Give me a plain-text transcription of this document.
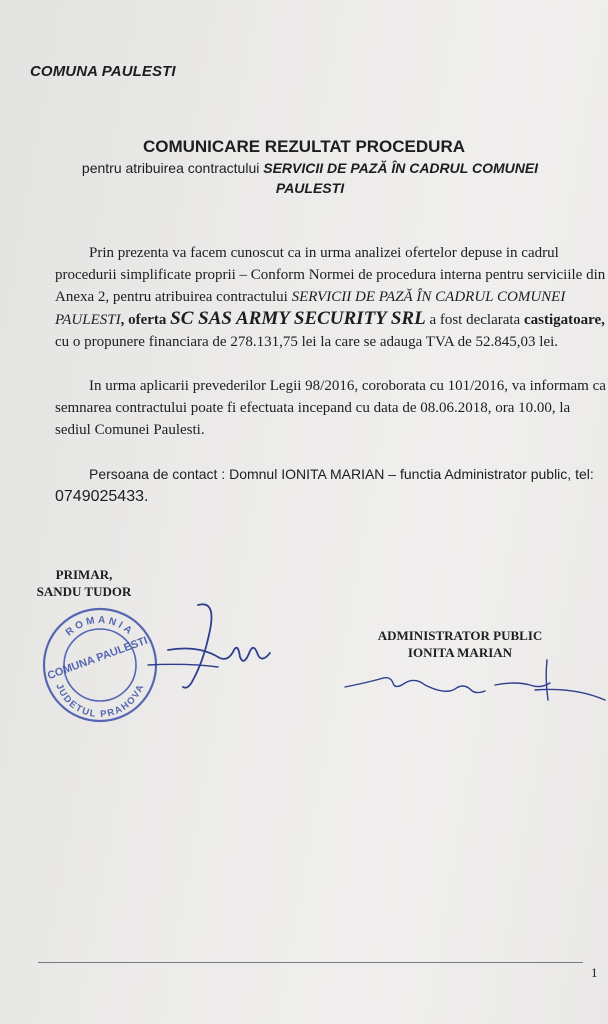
COMUNA PAULESTI
COMUNICARE REZULTAT PROCEDURA
pentru atribuirea contractului SERVICII DE PAZĂ ÎN CADRUL COMUNEI PAULESTI

Prin prezenta va facem cunoscut ca in urma analizei ofertelor depuse in cadrul procedurii simplificate proprii – Conform Normei de procedura interna pentru serviciile din Anexa 2, pentru atribuirea contractului SERVICII DE PAZĂ ÎN CADRUL COMUNEI PAULESTI, oferta SC SAS ARMY SECURITY SRL a fost declarata castigatoare, cu o propunere financiara de 278.131,75 lei la care se adauga TVA de 52.845,03 lei.

In urma aplicarii prevederilor Legii 98/2016, coroborata cu 101/2016, va informam ca semnarea contractului poate fi efectuata incepand cu data de 08.06.2018, ora 10.00, la sediul Comunei Paulesti.

Persoana de contact : Domnul IONITA MARIAN – functia Administrator public, tel:
0749025433.

PRIMAR,
SANDU TUDOR
ADMINISTRATOR PUBLIC
IONITA MARIAN
ROMANIA
JUDETUL PRAHOVA
COMUNA PAULESTI
1
